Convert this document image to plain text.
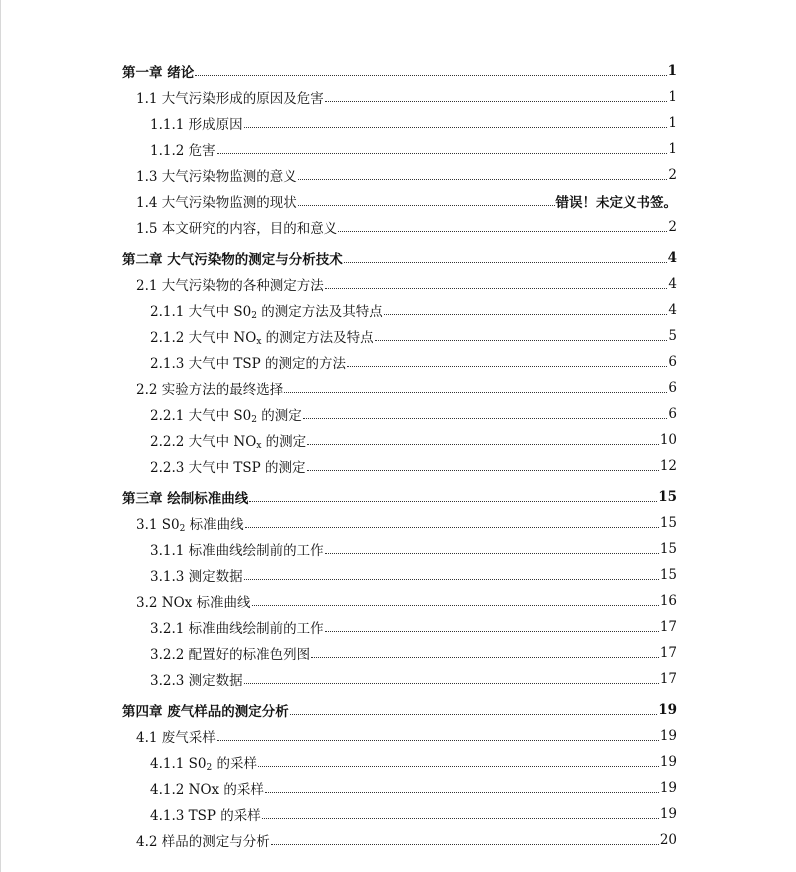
第一章 绪论	1
1.1 大气污染形成的原因及危害	1
1.1.1 形成原因	1
1.1.2 危害	1
1.3 大气污染物监测的意义	2
1.4 大气污染物监测的现状	错误！未定义书签。
1.5 本文研究的内容，目的和意义	2
第二章 大气污染物的测定与分析技术	4
2.1 大气污染物的各种测定方法	4
2.1.1 大气中 $S0_2$ 的测定方法及其特点	4
2.1.2 大气中 $NO_x$ 的测定方法及特点	5
2.1.3 大气中 TSP 的测定的方法	6
2.2 实验方法的最终选择	6
2.2.1 大气中 $S0_2$ 的测定	6
2.2.2 大气中 $NO_x$ 的测定	10
2.2.3 大气中 TSP 的测定	12
第三章 绘制标准曲线	15
3.1 $S0_2$ 标准曲线	15
3.1.1 标准曲线绘制前的工作	15
3.1.3 测定数据	15
3.2 NOx 标准曲线	16
3.2.1 标准曲线绘制前的工作	17
3.2.2 配置好的标准色列图	17
3.2.3 测定数据	17
第四章 废气样品的测定分析	19
4.1 废气采样	19
4.1.1 $S0_2$ 的采样	19
4.1.2 NOx 的采样	19
4.1.3 TSP 的采样	19
4.2 样品的测定与分析	20
